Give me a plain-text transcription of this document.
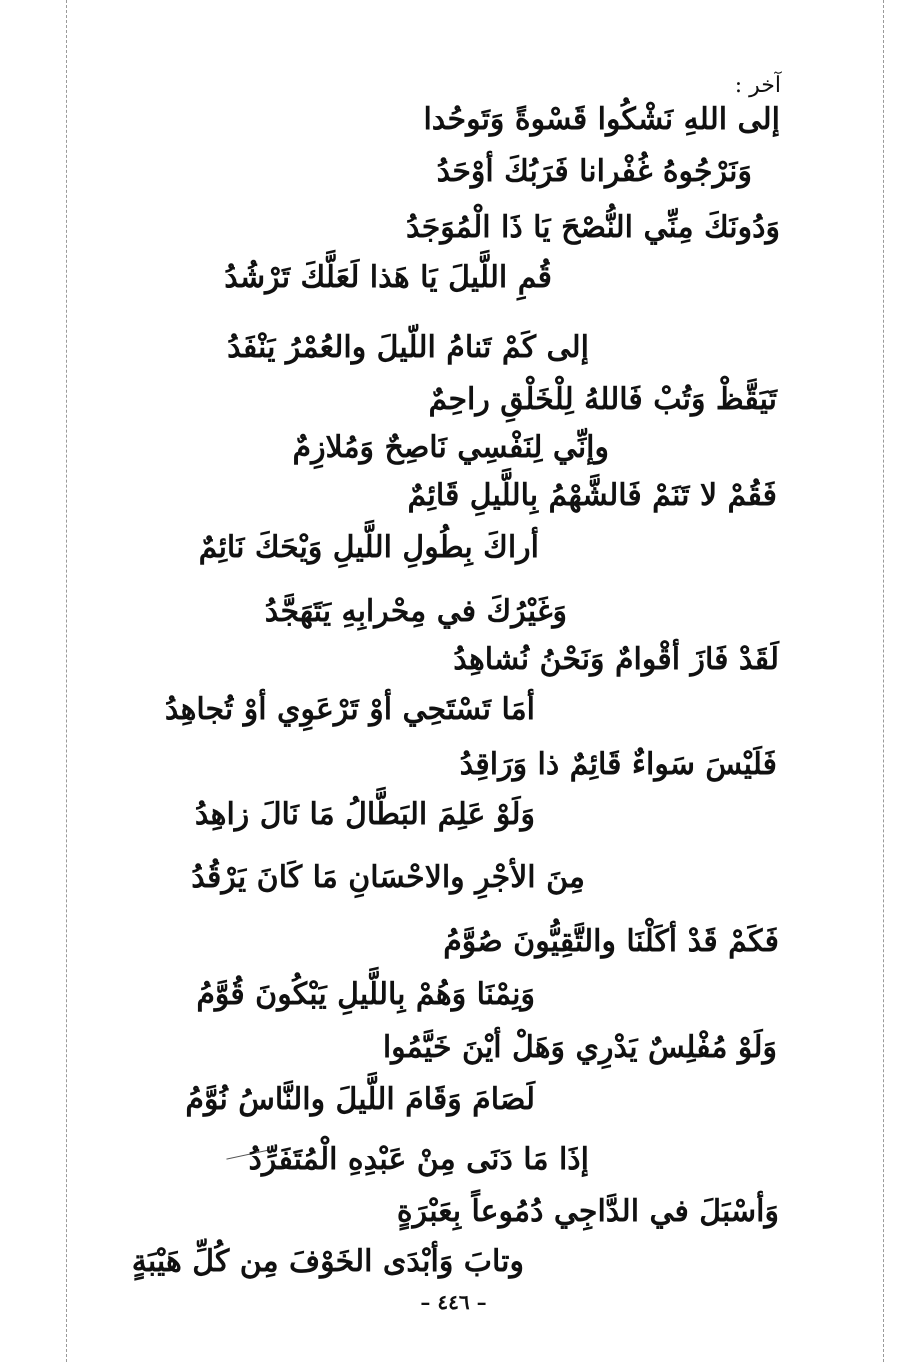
آخر :
إلى اللهِ نَشْكُوا قَسْوةً وَتَوحُدا
وَنَرْجُوهُ غُفْرانا فَرَبُكَ أوْحَدُ
وَدُونَكَ مِنِّي النُّصْحَ يَا ذَا الْمُوَجَدُ
قُمِ اللَّيلَ يَا هَذا لَعَلَّكَ تَرْشُدُ
إلى كَمْ تَنامُ اللّيلَ والعُمْرُ يَنْفَدُ
تَيَقَّظْ وَتُبْ فَاللهُ لِلْخَلْقِ راحِمٌ
وإنِّي لِنَفْسِي نَاصِحٌ وَمُلازِمٌ
فَقُمْ لا تَنَمْ فَالشَّهْمُ بِاللَّيلِ قَائِمٌ
أراكَ بِطُولِ اللَّيلِ وَيْحَكَ نَائِمٌ
وَغَيْرُكَ في مِحْرابِهِ يَتَهَجَّدُ
لَقَدْ فَازَ أقْوامٌ وَنَحْنُ نُشاهِدُ
أمَا تَسْتَحِي أوْ تَرْعَوِي أوْ تُجاهِدُ
فَلَيْسَ سَواءٌ قَائِمٌ ذا وَرَاقِدُ
وَلَوْ عَلِمَ البَطَّالُ مَا نَالَ زاهِدُ
مِنَ الأجْرِ والاحْسَانِ مَا كَانَ يَرْقُدُ
فَكَمْ قَدْ أكَلْنَا والتَّقِيُّونَ صُوَّمُ
وَنِمْنَا وَهُمْ بِاللَّيلِ يَبْكُونَ قُوَّمُ
وَلَوْ مُفْلِسٌ يَدْرِي وَهَلْ أيْنَ خَيَّمُوا
لَصَامَ وَقَامَ اللَّيلَ والنَّاسُ نُوَّمُ
إذَا مَا دَنَى مِنْ عَبْدِهِ الْمُتَفَرِّدُ
وَأسْبَلَ في الدَّاجِي دُمُوعاً بِعَبْرَةٍ
وتابَ وَأبْدَى الخَوْفَ مِن كُلِّ هَيْبَةٍ
– ٤٤٦ –
